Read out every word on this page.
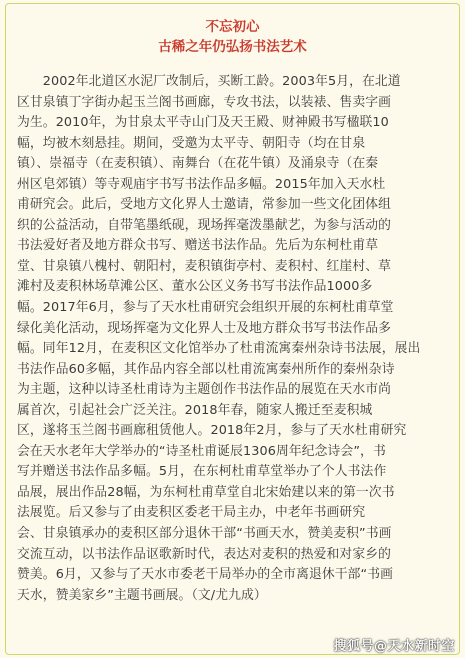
不忘初心

古稀之年仍弘扬书法艺术

　　2002年北道区水泥厂改制后，买断工龄。2003年5月，在北道
区甘泉镇丁字街办起玉兰阁书画廊，专攻书法，以装裱、售卖字画
为生。2010年，为甘泉太平寺山门及天王殿、财神殿书写楹联10
幅，均被木刻悬挂。期间，受邀为太平寺、朝阳寺（均在甘泉
镇）、崇福寺（在麦积镇）、南舞台（在花牛镇）及涌泉寺（在秦
州区皂郊镇）等寺观庙宇书写书法作品多幅。2015年加入天水杜
甫研究会。此后，受地方文化界人士邀请，常参加一些文化团体组
织的公益活动，自带笔墨纸砚，现场挥毫泼墨献艺，为参与活动的
书法爱好者及地方群众书写、赠送书法作品。先后为东柯杜甫草
堂、甘泉镇八槐村、朝阳村，麦积镇街亭村、麦积村、红崖村、草
滩村及麦积林场草滩公区、董水公区义务书写书法作品1000多
幅。2017年6月，参与了天水杜甫研究会组织开展的东柯杜甫草堂
绿化美化活动，现场挥毫为文化界人士及地方群众书写书法作品多
幅。同年12月，在麦积区文化馆举办了杜甫流寓秦州杂诗书法展，展出
书法作品60多幅，其作品内容全部以杜甫流寓秦州所作的秦州杂诗
为主题，这种以诗圣杜甫诗为主题创作书法作品的展览在天水市尚
属首次，引起社会广泛关注。2018年春，随家人搬迁至麦积城
区，遂将玉兰阁书画廊租赁他人。2018年2月，参与了天水杜甫研究
会在天水老年大学举办的“诗圣杜甫诞辰1306周年纪念诗会”，书
写并赠送书法作品多幅。5月，在东柯杜甫草堂举办了个人书法作
品展，展出作品28幅，为东柯杜甫草堂自北宋始建以来的第一次书
法展览。后又参与了由麦积区委老干局主办，中老年书画研究
会、甘泉镇承办的麦积区部分退休干部“书画天水，赞美麦积”书画
交流互动，以书法作品讴歌新时代，表达对麦积的热爱和对家乡的
赞美。6月，又参与了天水市委老干局举办的全市离退休干部“书画
天水，赞美家乡”主题书画展。（文/尤九成）
搜狐号@天水新时空
